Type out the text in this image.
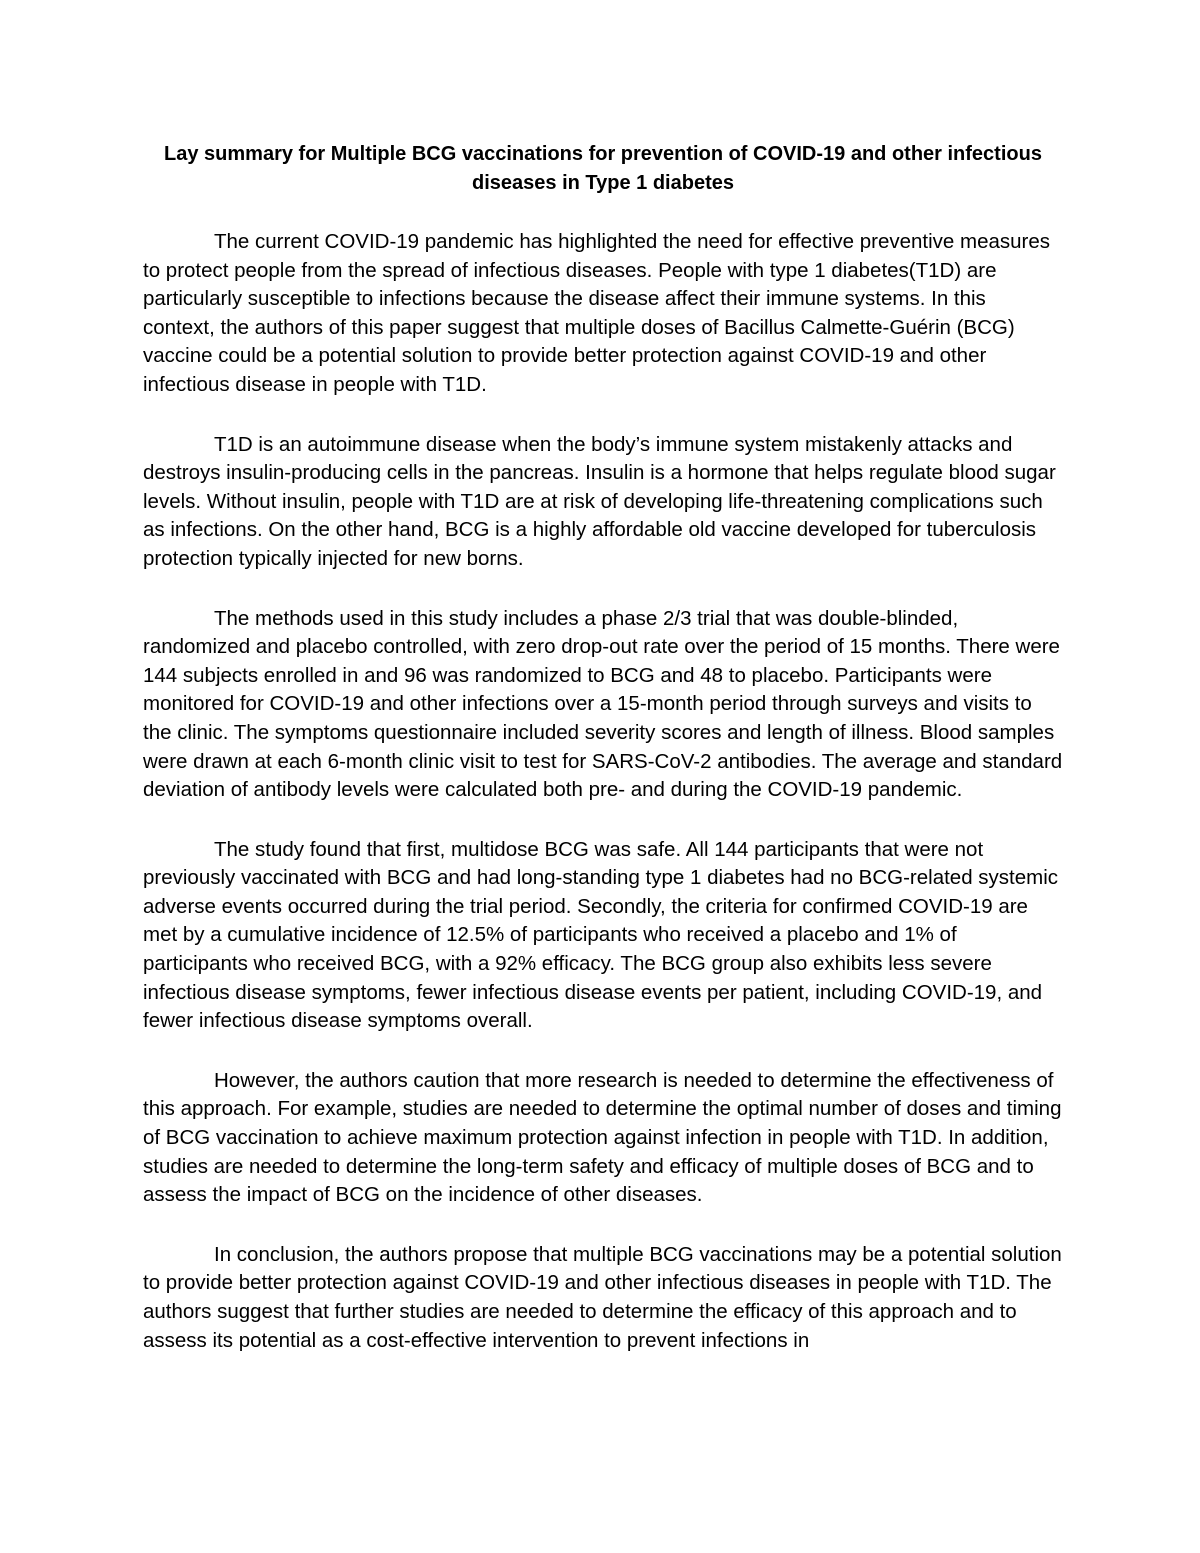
Lay summary for Multiple BCG vaccinations for prevention of COVID-19 and other infectious diseases in Type 1 diabetes

The current COVID-19 pandemic has highlighted the need for effective preventive measures to protect people from the spread of infectious diseases. People with type 1 diabetes(T1D) are particularly susceptible to infections because the disease affect their immune systems. In this context, the authors of this paper suggest that multiple doses of Bacillus Calmette-Guérin (BCG) vaccine could be a potential solution to provide better protection against COVID-19 and other infectious disease in people with T1D.

T1D is an autoimmune disease when the body’s immune system mistakenly attacks and destroys insulin-producing cells in the pancreas. Insulin is a hormone that helps regulate blood sugar levels. Without insulin, people with T1D are at risk of developing life-threatening complications such as infections. On the other hand, BCG is a highly affordable old vaccine developed for tuberculosis protection typically injected for new borns.

The methods used in this study includes a phase 2/3 trial that was double-blinded, randomized and placebo controlled, with zero drop-out rate over the period of 15 months. There were 144 subjects enrolled in and 96 was randomized to BCG and 48 to placebo. Participants were monitored for COVID-19 and other infections over a 15-month period through surveys and visits to the clinic. The symptoms questionnaire included severity scores and length of illness. Blood samples were drawn at each 6-month clinic visit to test for SARS-CoV-2 antibodies. The average and standard deviation of antibody levels were calculated both pre- and during the COVID-19 pandemic.

The study found that first, multidose BCG was safe. All 144 participants that were not previously vaccinated with BCG and had long-standing type 1 diabetes had no BCG-related systemic adverse events occurred during the trial period. Secondly, the criteria for confirmed COVID-19 are met by a cumulative incidence of 12.5% of participants who received a placebo and 1% of participants who received BCG, with a 92% efficacy. The BCG group also exhibits less severe infectious disease symptoms, fewer infectious disease events per patient, including COVID-19, and fewer infectious disease symptoms overall.

However, the authors caution that more research is needed to determine the effectiveness of this approach. For example, studies are needed to determine the optimal number of doses and timing of BCG vaccination to achieve maximum protection against infection in people with T1D. In addition, studies are needed to determine the long-term safety and efficacy of multiple doses of BCG and to assess the impact of BCG on the incidence of other diseases.

In conclusion, the authors propose that multiple BCG vaccinations may be a potential solution to provide better protection against COVID-19 and other infectious diseases in people with T1D. The authors suggest that further studies are needed to determine the efficacy of this approach and to assess its potential as a cost-effective intervention to prevent infections in
